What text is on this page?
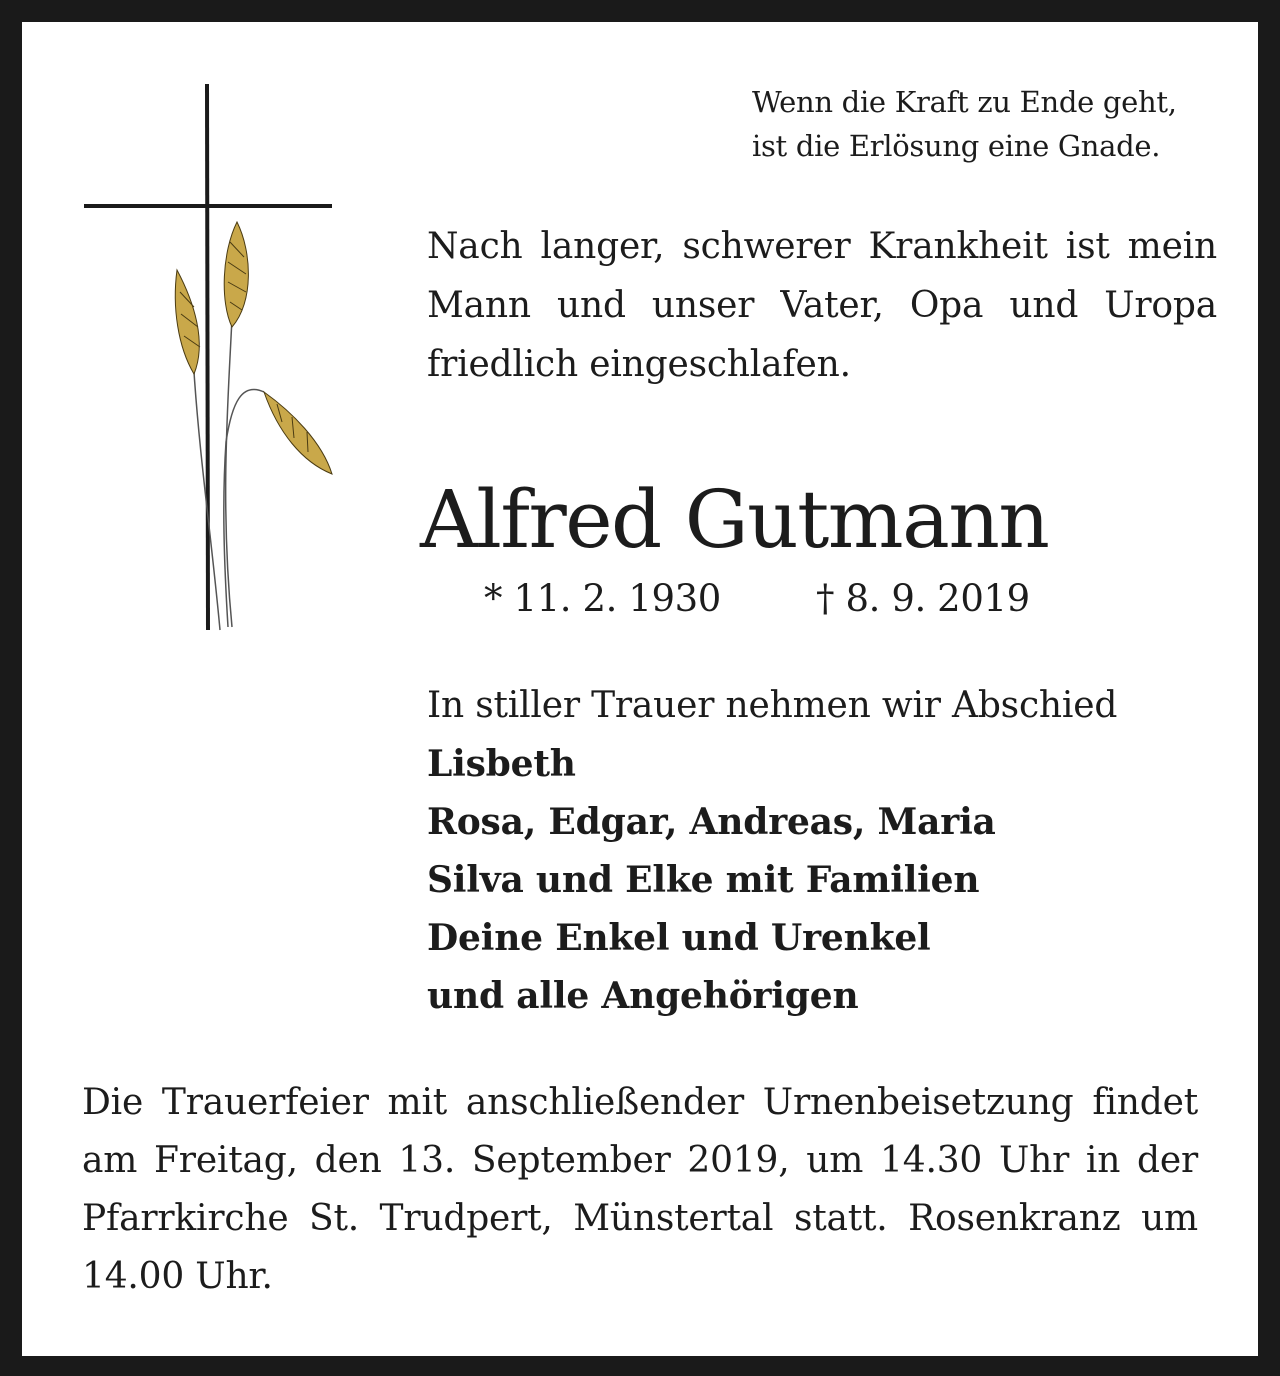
Wenn die Kraft zu Ende geht,
ist die Erlösung eine Gnade.
Nach langer, schwerer Krankheit ist mein Mann und unser Vater, Opa und Uropa friedlich eingeschlafen.
Alfred Gutmann
* 11. 2. 1930	† 8. 9. 2019
In stiller Trauer nehmen wir Abschied
Lisbeth
Rosa, Edgar, Andreas, Maria
Silva und Elke mit Familien
Deine Enkel und Urenkel
und alle Angehörigen
Die Trauerfeier mit anschließender Urnenbeisetzung findet am Freitag, den 13. September 2019, um 14.30 Uhr in der Pfarrkirche St. Trudpert, Münstertal statt. Rosenkranz um 14.00 Uhr.
